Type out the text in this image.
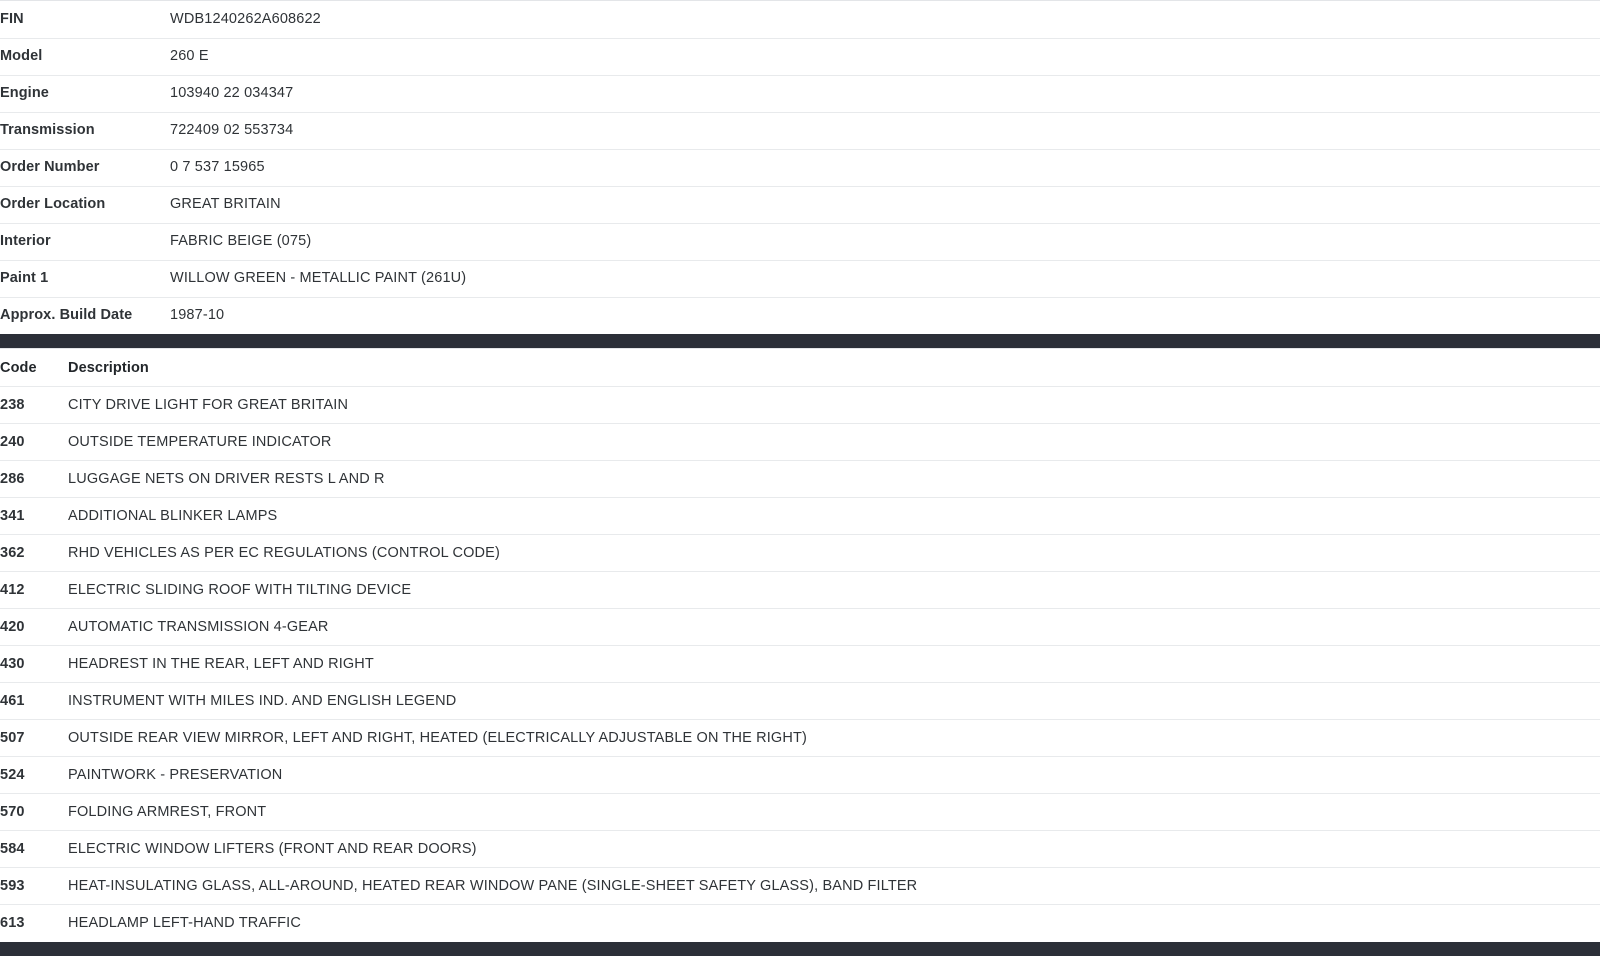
FIN	WDB1240262A608622
Model	260 E
Engine	103940 22 034347
Transmission	722409 02 553734
Order Number	0 7 537 15965
Order Location	GREAT BRITAIN
Interior	FABRIC BEIGE (075)
Paint 1	WILLOW GREEN - METALLIC PAINT (261U)
Approx. Build Date	1987-10
Code	Description
238	CITY DRIVE LIGHT FOR GREAT BRITAIN
240	OUTSIDE TEMPERATURE INDICATOR
286	LUGGAGE NETS ON DRIVER RESTS L AND R
341	ADDITIONAL BLINKER LAMPS
362	RHD VEHICLES AS PER EC REGULATIONS (CONTROL CODE)
412	ELECTRIC SLIDING ROOF WITH TILTING DEVICE
420	AUTOMATIC TRANSMISSION 4-GEAR
430	HEADREST IN THE REAR, LEFT AND RIGHT
461	INSTRUMENT WITH MILES IND. AND ENGLISH LEGEND
507	OUTSIDE REAR VIEW MIRROR, LEFT AND RIGHT, HEATED (ELECTRICALLY ADJUSTABLE ON THE RIGHT)
524	PAINTWORK - PRESERVATION
570	FOLDING ARMREST, FRONT
584	ELECTRIC WINDOW LIFTERS (FRONT AND REAR DOORS)
593	HEAT-INSULATING GLASS, ALL-AROUND, HEATED REAR WINDOW PANE (SINGLE-SHEET SAFETY GLASS), BAND FILTER
613	HEADLAMP LEFT-HAND TRAFFIC
